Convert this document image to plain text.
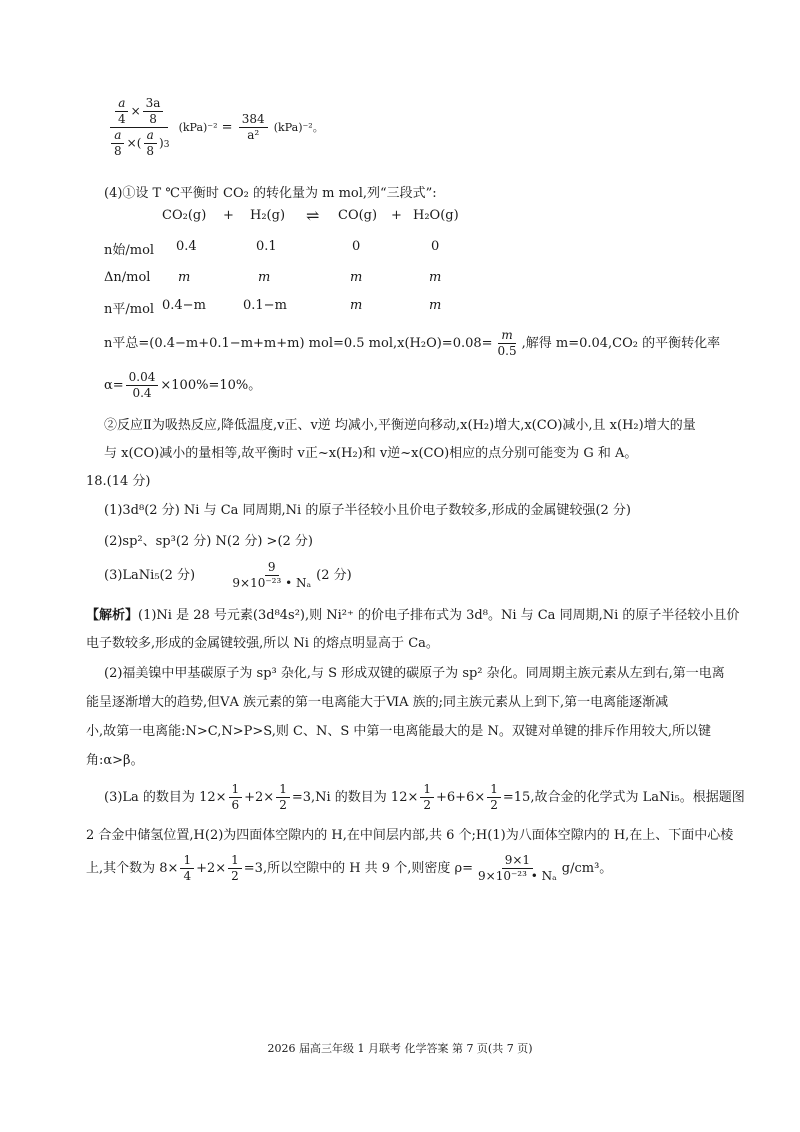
$\frac{\frac{a}{4} \times \frac{3a}{8}}{\frac{a}{8} \times( \frac{a}{8} )3} (kPa)^{-2} = \frac{384}{\text{a²}} (kPa)^{-2}$。
(4)①设 T ℃平衡时 CO₂ 的转化量为 m mol,列“三段式”:
CO₂(g) + H₂(g) ⇌ CO(g) + H₂O(g)
n始/mol 0.4	0.1	0	0
Δn/mol m	m	m	m
n平/mol 0.4−m	0.1−m	m	m
n平总=(0.4−m+0.1−m+m+m) mol=0.5 $mol,x(H_2O)=0.08= \frac{m}{0.5}$ ,解得 m=0.04,CO₂ 的平衡转化率
$\alpha= \frac{0.04}{0.4} \times 100\%=10\%$。
②反应Ⅱ为吸热反应,降低温度,v正、v逆 均减小,平衡逆向移动,x(H₂)增大,x(CO)减小,且 x(H₂)增大的量
与 x(CO)减小的量相等,故平衡时 v正~x(H₂)和 v逆~x(CO)相应的点分别可能变为 G 和 A。
18.(14 分)
(1)3d⁸(2 分) Ni 与 Ca 同周期,Ni 的原子半径较小且价电子数较多,形成的金属键较强(2 分)
(2)sp²、sp³(2 分) N(2 分) >(2 分)
(3)LaNi₅(2 分)	$\frac{9}{\text{9×10⁻²³ • Nₐ}} (2$ 分)
【解析】(1)Ni 是 28 号元素(3d⁸4s²),则 Ni²⁺ 的价电子排布式为 3d⁸。Ni 与 Ca 同周期,Ni 的原子半径较小且价
电子数较多,形成的金属键较强,所以 Ni 的熔点明显高于 Ca。
(2)福美镍中甲基碳原子为 sp³ 杂化,与 S 形成双键的碳原子为 sp² 杂化。同周期主族元素从左到右,第一电离
能呈逐渐增大的趋势,但ⅤA 族元素的第一电离能大于ⅥA 族的;同主族元素从上到下,第一电离能逐渐减
小,故第一电离能:N>C,N>P>S,则 C、N、S 中第一电离能最大的是 N。双键对单键的排斥作用较大,所以键
角:α>β。
(3)La 的数目为 $12\times \frac{1}{6} +2\times \frac{1}{2} =3,Ni$ 的数目为 $12\times \frac{1}{2} +6+6\times \frac{1}{2} =15$,故合金的化学式为 LaNi₅。根据题图
2 合金中储氢位置,H(2)为四面体空隙内的 H,在中间层内部,共 6 个;H(1)为八面体空隙内的 H,在上、下面中心棱
上,其个数为 $8\times \frac{1}{4} +2\times \frac{1}{2} =3$,所以空隙中的 H 共 9 个,则密度 $\rho= \frac{9\times 1}{\text{9×10⁻²³ • Nₐ}} g/cm^3$。
2026 届高三年级 1 月联考 化学答案 第 7 页(共 7 页)
